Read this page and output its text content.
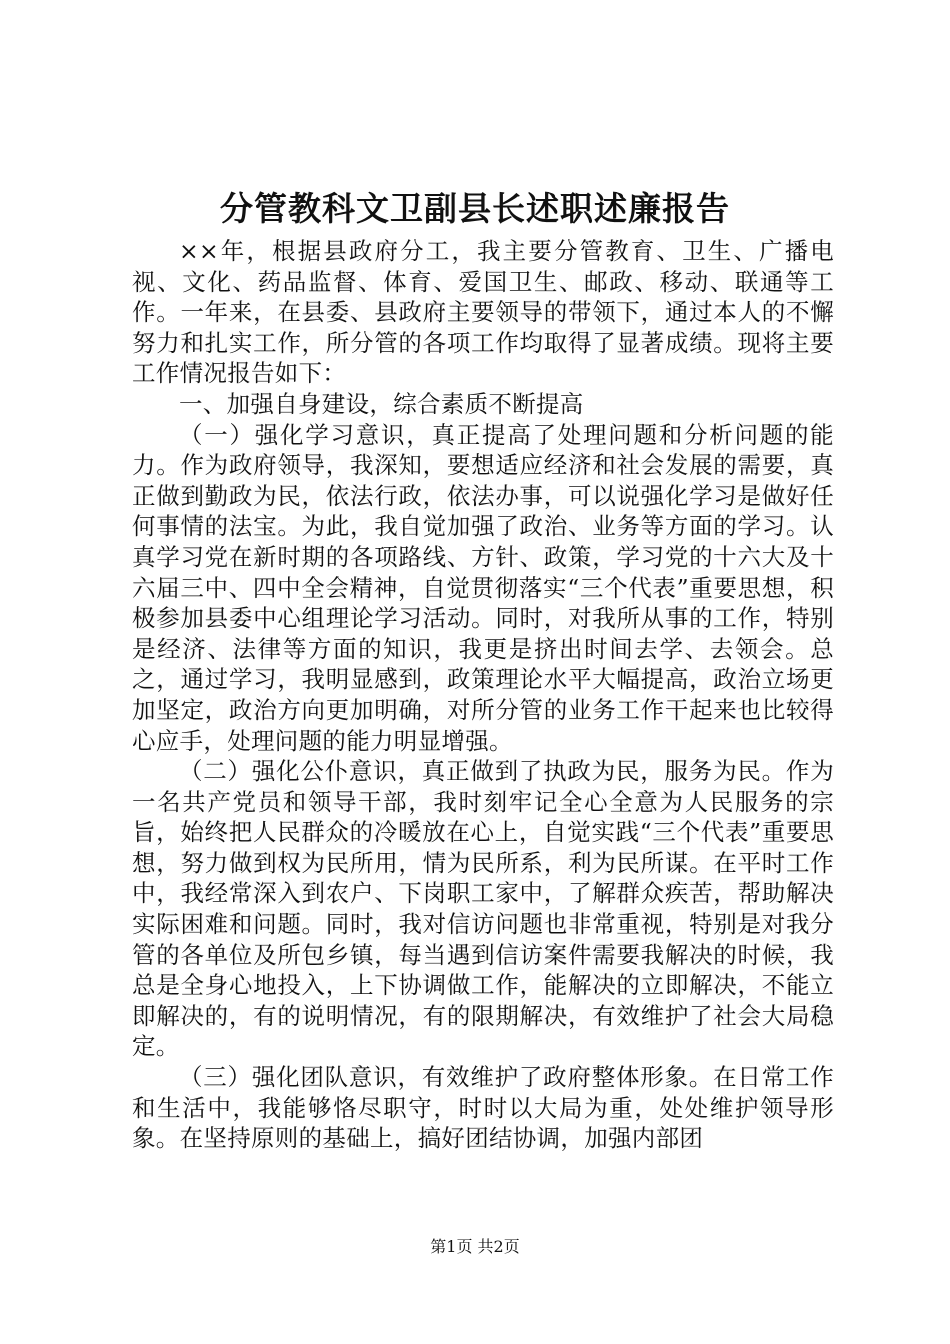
分管教科文卫副县长述职述廉报告

××年，根据县政府分工，我主要分管教育、卫生、广播电视、文化、药品监督、体育、爱国卫生、邮政、移动、联通等工作。一年来，在县委、县政府主要领导的带领下，通过本人的不懈努力和扎实工作，所分管的各项工作均取得了显著成绩。现将主要工作情况报告如下：

一、加强自身建设，综合素质不断提高

（一）强化学习意识，真正提高了处理问题和分析问题的能力。作为政府领导，我深知，要想适应经济和社会发展的需要，真正做到勤政为民，依法行政，依法办事，可以说强化学习是做好任何事情的法宝。为此，我自觉加强了政治、业务等方面的学习。认真学习党在新时期的各项路线、方针、政策，学习党的十六大及十六届三中、四中全会精神，自觉贯彻落实“三个代表”重要思想，积极参加县委中心组理论学习活动。同时，对我所从事的工作，特别是经济、法律等方面的知识，我更是挤出时间去学、去领会。总之，通过学习，我明显感到，政策理论水平大幅提高，政治立场更加坚定，政治方向更加明确，对所分管的业务工作干起来也比较得心应手，处理问题的能力明显增强。

（二）强化公仆意识，真正做到了执政为民，服务为民。作为一名共产党员和领导干部，我时刻牢记全心全意为人民服务的宗旨，始终把人民群众的冷暖放在心上，自觉实践“三个代表”重要思想，努力做到权为民所用，情为民所系，利为民所谋。在平时工作中，我经常深入到农户、下岗职工家中，了解群众疾苦，帮助解决实际困难和问题。同时，我对信访问题也非常重视，特别是对我分管的各单位及所包乡镇，每当遇到信访案件需要我解决的时候，我总是全身心地投入，上下协调做工作，能解决的立即解决，不能立即解决的，有的说明情况，有的限期解决，有效维护了社会大局稳定。

（三）强化团队意识，有效维护了政府整体形象。在日常工作和生活中，我能够恪尽职守，时时以大局为重，处处维护领导形象。在坚持原则的基础上，搞好团结协调，加强内部团

第1页 共2页
